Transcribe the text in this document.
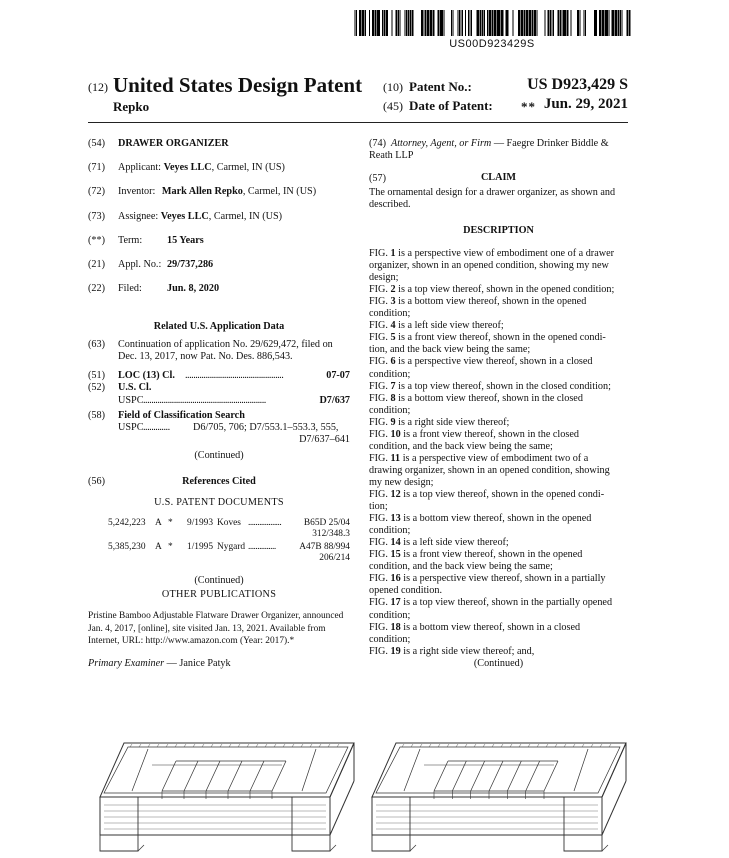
US00D923429S
(12) United States Design Patent
Repko
(10) Patent No.:	US D923,429 S
(45) Date of Patent: ** Jun. 29, 2021
(54) DRAWER ORGANIZER
(71) Applicant: Veyes LLC, Carmel, IN (US)
(72) Inventor: Mark Allen Repko, Carmel, IN (US)
(73) Assignee: Veyes LLC, Carmel, IN (US)
(**) Term: 15 Years
(21) Appl. No.: 29/737,286
(22) Filed: Jun. 8, 2020
Related U.S. Application Data
(63) Continuation of application No. 29/629,472, filed on
Dec. 13, 2017, now Pat. No. Des. 886,543.
(51) LOC (13) Cl. ................................................	07-07
(52) U.S. Cl.
USPC ............................................................	D7/637
(58) Field of Classification Search
USPC ............. D6/705, 706; D7/553.1–553.3, 555,
D7/637–641
(Continued)
(56)	References Cited
U.S. PATENT DOCUMENTS
5,242,223 A * 9/1993 Koves .................. B65D 25/04
312/348.3
5,385,230 A * 1/1995 Nygard ...............	A47B 88/994
206/214
(Continued)
OTHER PUBLICATIONS
Pristine Bamboo Adjustable Flatware Drawer Organizer, announced
Jan. 4, 2017, [online], site visited Jan. 13, 2021. Available from
Internet, URL: http://www.amazon.com (Year: 2017).*
Primary Examiner — Janice Patyk
(74) Attorney, Agent, or Firm — Faegre Drinker Biddle &
Reath LLP
(57)	CLAIM
The ornamental design for a drawer organizer, as shown and
described.
DESCRIPTION
FIG. 1 is a perspective view of embodiment one of a drawer
organizer, shown in an opened condition, showing my new
design;
FIG. 2 is a top view thereof, shown in the opened condition;
FIG. 3 is a bottom view thereof, shown in the opened
condition;
FIG. 4 is a left side view thereof;
FIG. 5 is a front view thereof, shown in the opened condi-
tion, and the back view being the same;
FIG. 6 is a perspective view thereof, shown in a closed
condition;
FIG. 7 is a top view thereof, shown in the closed condition;
FIG. 8 is a bottom view thereof, shown in the closed
condition;
FIG. 9 is a right side view thereof;
FIG. 10 is a front view thereof, shown in the closed
condition, and the back view being the same;
FIG. 11 is a perspective view of embodiment two of a
drawing organizer, shown in an opened condition, showing
my new design;
FIG. 12 is a top view thereof, shown in the opened condi-
tion;
FIG. 13 is a bottom view thereof, shown in the opened
condition;
FIG. 14 is a left side view thereof;
FIG. 15 is a front view thereof, shown in the opened
condition, and the back view being the same;
FIG. 16 is a perspective view thereof, shown in a partially
opened condition.
FIG. 17 is a top view thereof, shown in the partially opened
condition;
FIG. 18 is a bottom view thereof, shown in a closed
condition;
FIG. 19 is a right side view thereof; and,
(Continued)
